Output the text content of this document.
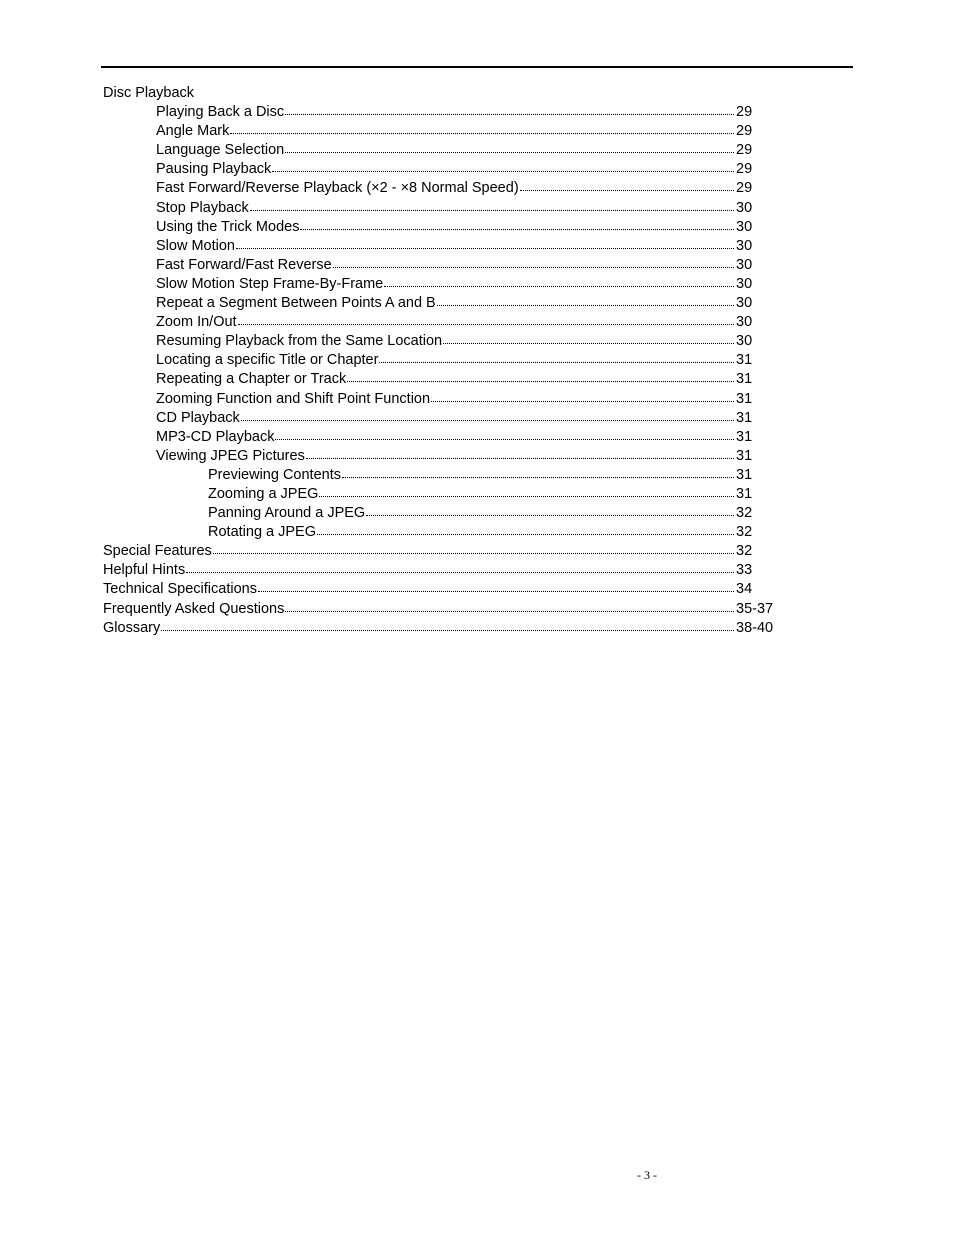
Disc Playback
Playing Back a Disc	29
Angle Mark	29
Language Selection	29
Pausing Playback	29
Fast Forward/Reverse Playback (×2 - ×8 Normal Speed)	29
Stop Playback	30
Using the Trick Modes	30
Slow Motion	30
Fast Forward/Fast Reverse	30
Slow Motion Step Frame-By-Frame	30
Repeat a Segment Between Points A and B	30
Zoom In/Out	30
Resuming Playback from the Same Location	30
Locating a specific Title or Chapter	31
Repeating a Chapter or Track	31
Zooming Function and Shift Point Function	31
CD Playback	31
MP3-CD Playback	31
Viewing JPEG Pictures	31
Previewing Contents	31
Zooming a JPEG	31
Panning Around a JPEG	32
Rotating a JPEG	32
Special Features	32
Helpful Hints	33
Technical Specifications	34
Frequently Asked Questions	35-37
Glossary	38-40
- 3 -
